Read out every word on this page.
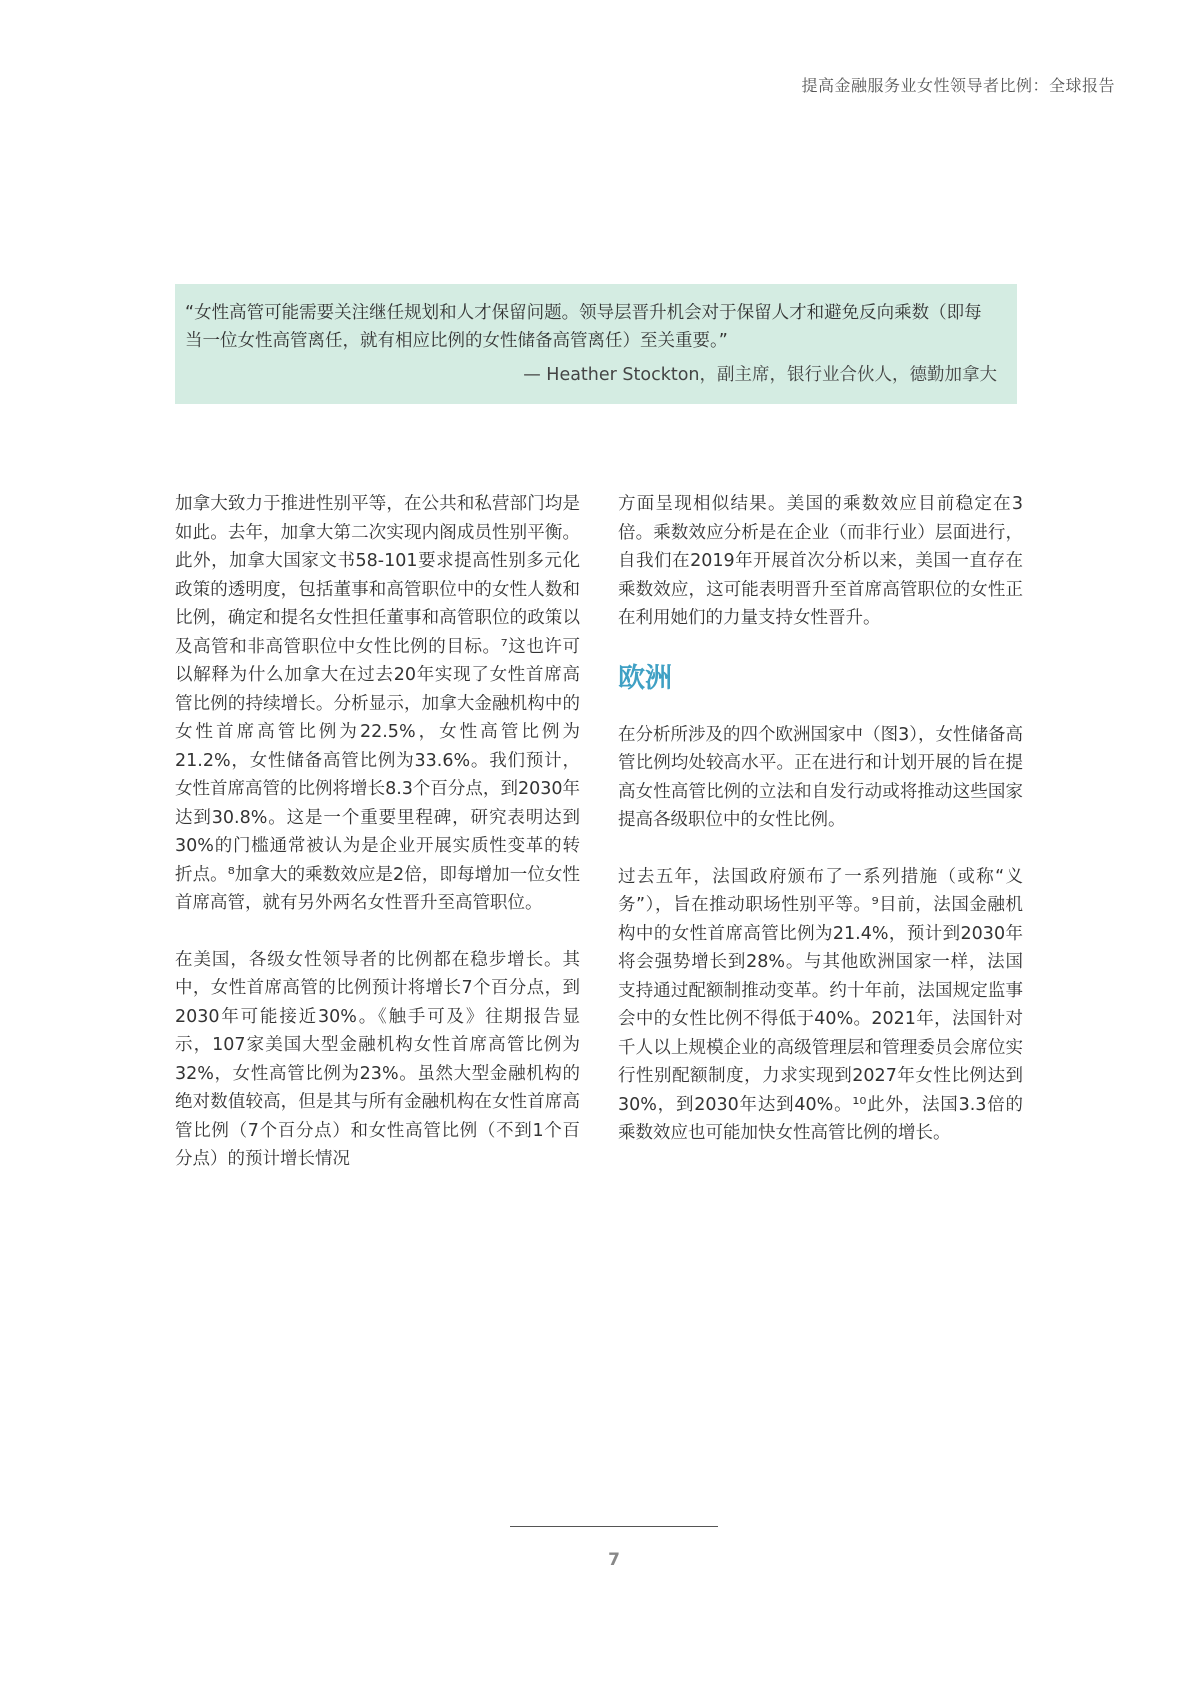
提高金融服务业女性领导者比例：全球报告

“女性高管可能需要关注继任规划和人才保留问题。领导层晋升机会对于保留人才和避免反向乘数（即每当一位女性高管离任，就有相应比例的女性储备高管离任）至关重要。”

— Heather Stockton，副主席，银行业合伙人，德勤加拿大

加拿大致力于推进性别平等，在公共和私营部门均是如此。去年，加拿大第二次实现内阁成员性别平衡。此外，加拿大国家文书58-101要求提高性别多元化政策的透明度，包括董事和高管职位中的女性人数和比例，确定和提名女性担任董事和高管职位的政策以及高管和非高管职位中女性比例的目标。⁷这也许可以解释为什么加拿大在过去20年实现了女性首席高管比例的持续增长。分析显示，加拿大金融机构中的女性首席高管比例为22.5%，女性高管比例为21.2%，女性储备高管比例为33.6%。我们预计，女性首席高管的比例将增长8.3个百分点，到2030年达到30.8%。这是一个重要里程碑，研究表明达到30%的门槛通常被认为是企业开展实质性变革的转折点。⁸加拿大的乘数效应是2倍，即每增加一位女性首席高管，就有另外两名女性晋升至高管职位。

在美国，各级女性领导者的比例都在稳步增长。其中，女性首席高管的比例预计将增长7个百分点，到2030年可能接近30%。《触手可及》往期报告显示，107家美国大型金融机构女性首席高管比例为32%，女性高管比例为23%。虽然大型金融机构的绝对数值较高，但是其与所有金融机构在女性首席高管比例（7个百分点）和女性高管比例（不到1个百分点）的预计增长情况

方面呈现相似结果。美国的乘数效应目前稳定在3倍。乘数效应分析是在企业（而非行业）层面进行，自我们在2019年开展首次分析以来，美国一直存在乘数效应，这可能表明晋升至首席高管职位的女性正在利用她们的力量支持女性晋升。

欧洲

在分析所涉及的四个欧洲国家中（图3），女性储备高管比例均处较高水平。正在进行和计划开展的旨在提高女性高管比例的立法和自发行动或将推动这些国家提高各级职位中的女性比例。

过去五年，法国政府颁布了一系列措施（或称“义务”），旨在推动职场性别平等。⁹目前，法国金融机构中的女性首席高管比例为21.4%，预计到2030年将会强势增长到28%。与其他欧洲国家一样，法国支持通过配额制推动变革。约十年前，法国规定监事会中的女性比例不得低于40%。2021年，法国针对千人以上规模企业的高级管理层和管理委员会席位实行性别配额制度，力求实现到2027年女性比例达到30%，到2030年达到40%。¹⁰此外，法国3.3倍的乘数效应也可能加快女性高管比例的增长。

7
